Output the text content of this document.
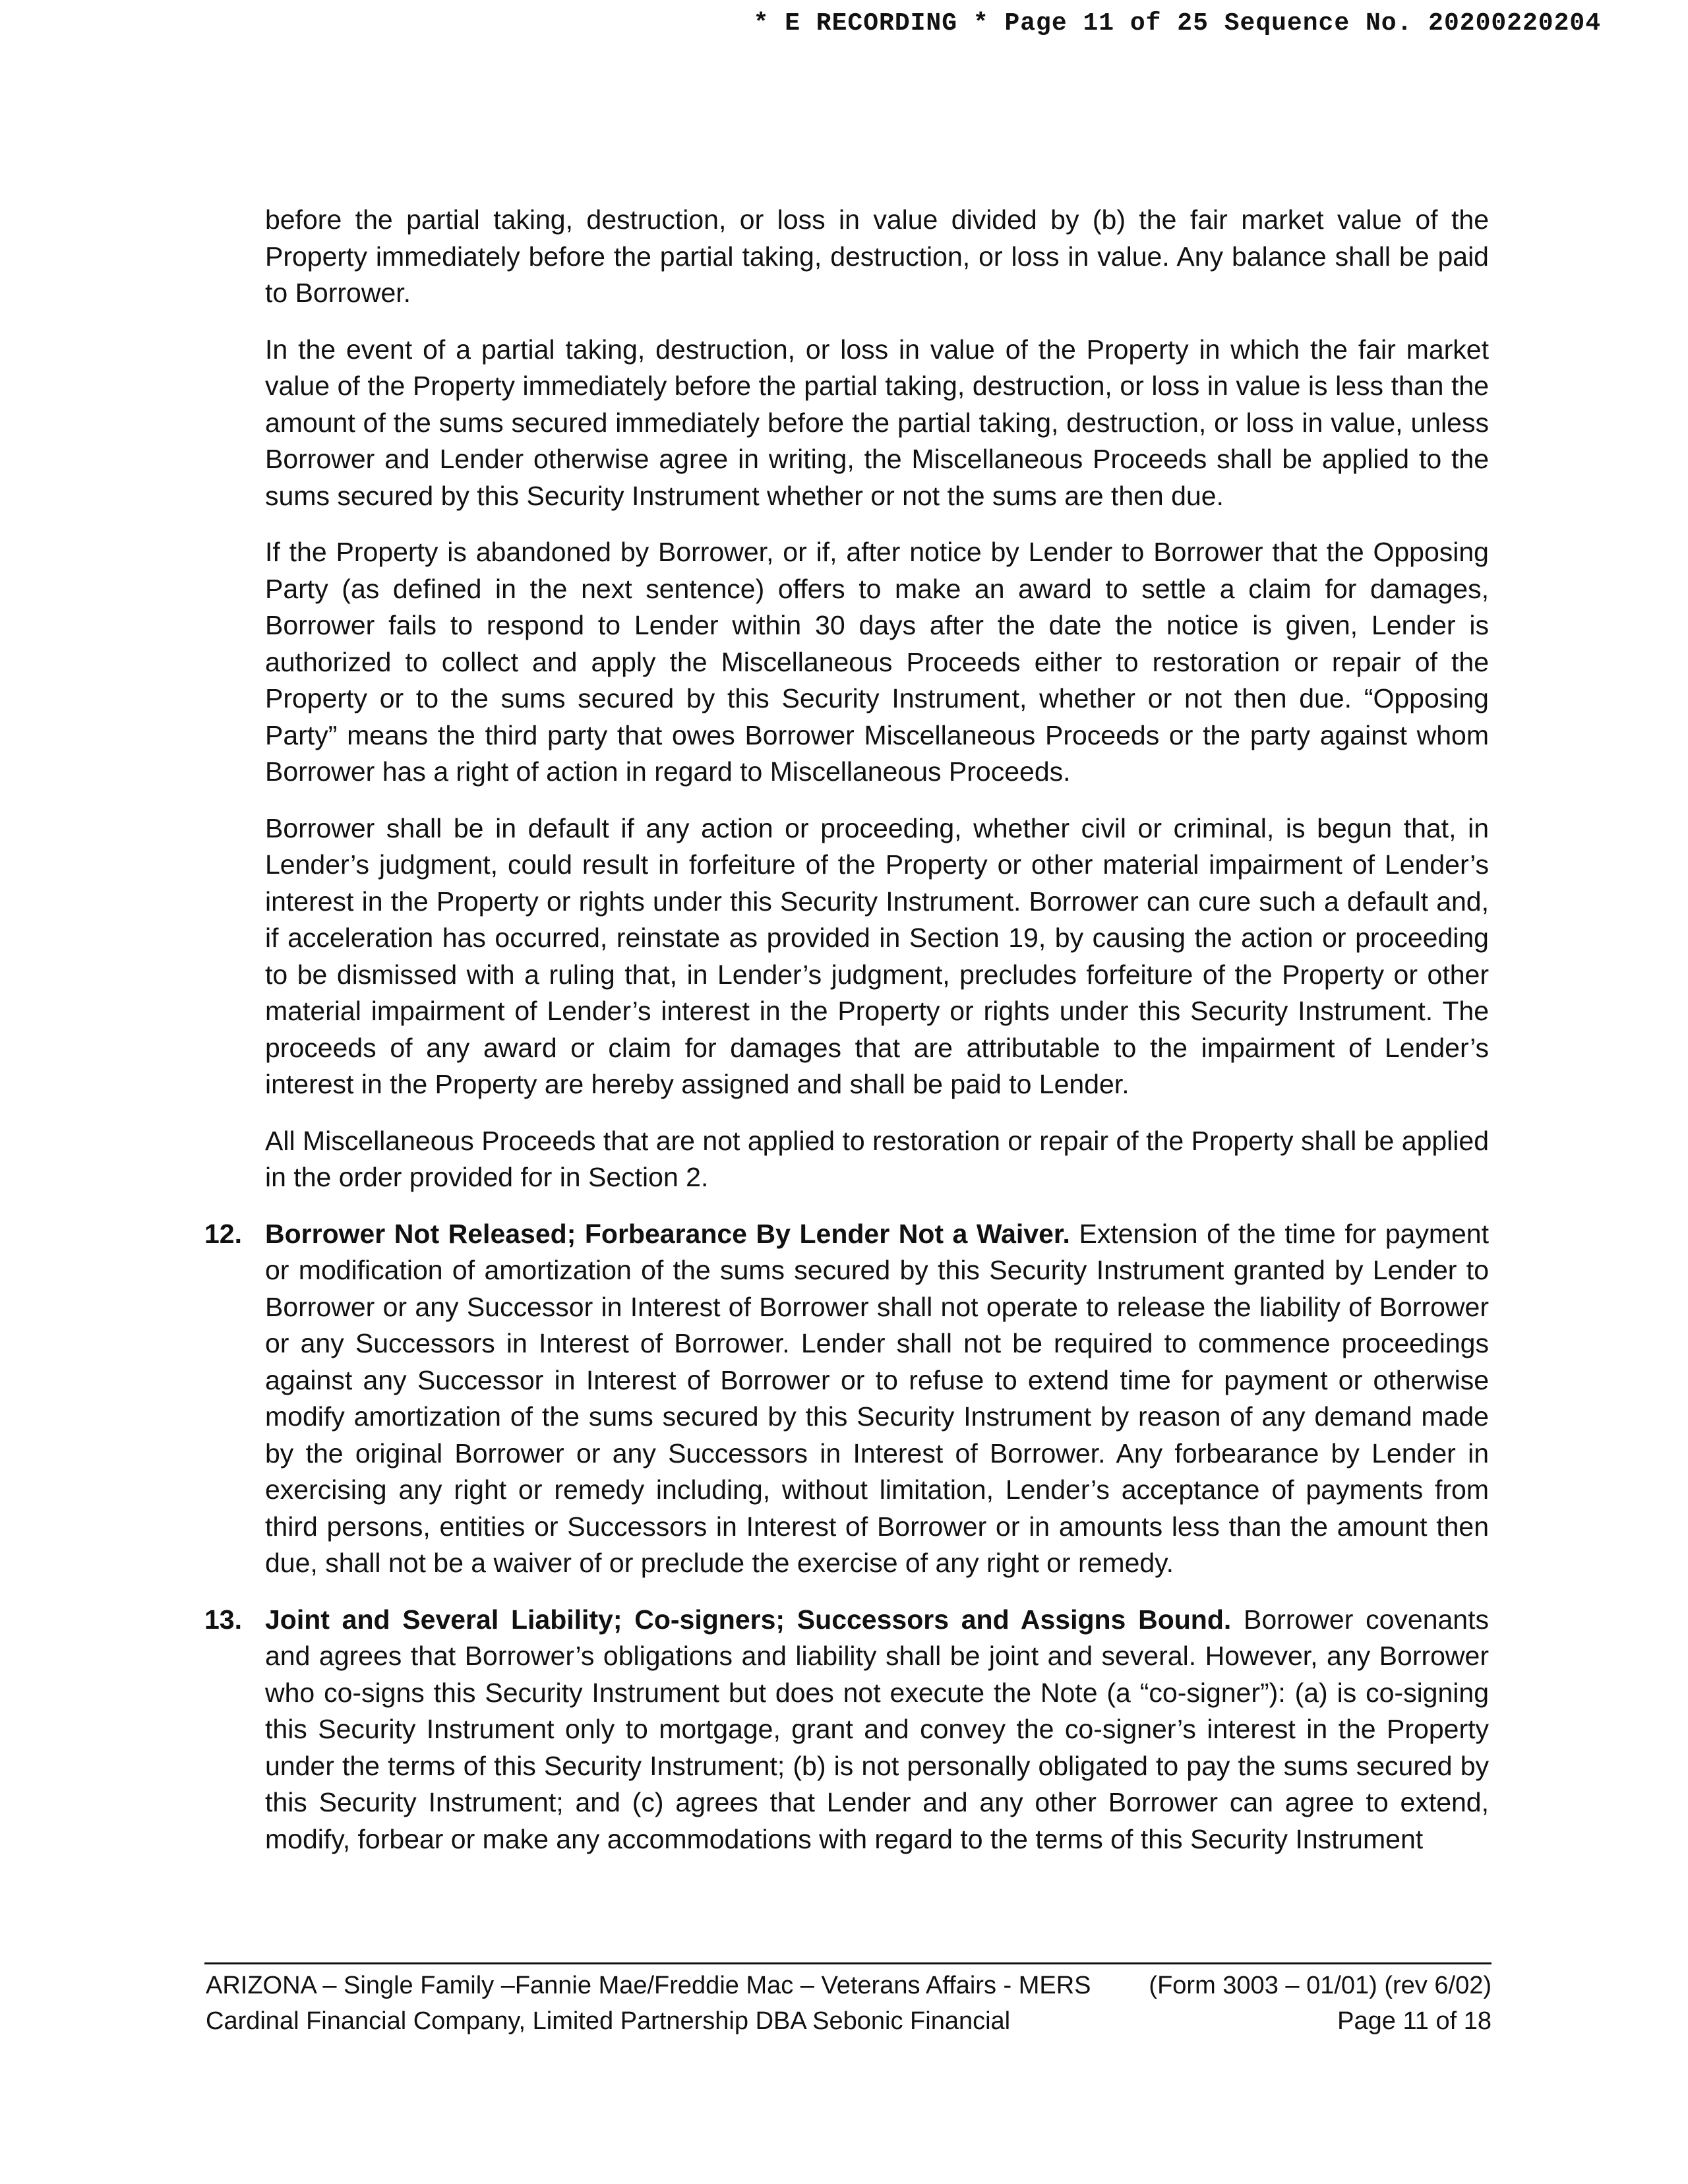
* E RECORDING * Page 11 of 25 Sequence No. 20200220204

before the partial taking, destruction, or loss in value divided by (b) the fair market value of the Property immediately before the partial taking, destruction, or loss in value. Any balance shall be paid to Borrower.

In the event of a partial taking, destruction, or loss in value of the Property in which the fair market value of the Property immediately before the partial taking, destruction, or loss in value is less than the amount of the sums secured immediately before the partial taking, destruction, or loss in value, unless Borrower and Lender otherwise agree in writing, the Miscellaneous Proceeds shall be applied to the sums secured by this Security Instrument whether or not the sums are then due.

If the Property is abandoned by Borrower, or if, after notice by Lender to Borrower that the Opposing Party (as defined in the next sentence) offers to make an award to settle a claim for damages, Borrower fails to respond to Lender within 30 days after the date the notice is given, Lender is authorized to collect and apply the Miscellaneous Proceeds either to restoration or repair of the Property or to the sums secured by this Security Instrument, whether or not then due. “Opposing Party” means the third party that owes Borrower Miscellaneous Proceeds or the party against whom Borrower has a right of action in regard to Miscellaneous Proceeds.

Borrower shall be in default if any action or proceeding, whether civil or criminal, is begun that, in Lender’s judgment, could result in forfeiture of the Property or other material impairment of Lender’s interest in the Property or rights under this Security Instrument. Borrower can cure such a default and, if acceleration has occurred, reinstate as provided in Section 19, by causing the action or proceeding to be dismissed with a ruling that, in Lender’s judgment, precludes forfeiture of the Property or other material impairment of Lender’s interest in the Property or rights under this Security Instrument. The proceeds of any award or claim for damages that are attributable to the impairment of Lender’s interest in the Property are hereby assigned and shall be paid to Lender.

All Miscellaneous Proceeds that are not applied to restoration or repair of the Property shall be applied in the order provided for in Section 2.

12. Borrower Not Released; Forbearance By Lender Not a Waiver. Extension of the time for payment or modification of amortization of the sums secured by this Security Instrument granted by Lender to Borrower or any Successor in Interest of Borrower shall not operate to release the liability of Borrower or any Successors in Interest of Borrower. Lender shall not be required to commence proceedings against any Successor in Interest of Borrower or to refuse to extend time for payment or otherwise modify amortization of the sums secured by this Security Instrument by reason of any demand made by the original Borrower or any Successors in Interest of Borrower. Any forbearance by Lender in exercising any right or remedy including, without limitation, Lender’s acceptance of payments from third persons, entities or Successors in Interest of Borrower or in amounts less than the amount then due, shall not be a waiver of or preclude the exercise of any right or remedy.

13. Joint and Several Liability; Co-signers; Successors and Assigns Bound. Borrower covenants and agrees that Borrower’s obligations and liability shall be joint and several. However, any Borrower who co-signs this Security Instrument but does not execute the Note (a “co-signer”): (a) is co-signing this Security Instrument only to mortgage, grant and convey the co-signer’s interest in the Property under the terms of this Security Instrument; (b) is not personally obligated to pay the sums secured by this Security Instrument; and (c) agrees that Lender and any other Borrower can agree to extend, modify, forbear or make any accommodations with regard to the terms of this Security Instrument

ARIZONA – Single Family –Fannie Mae/Freddie Mac – Veterans Affairs - MERS (Form 3003 – 01/01) (rev 6/02)
Cardinal Financial Company, Limited Partnership DBA Sebonic Financial	Page 11 of 18
